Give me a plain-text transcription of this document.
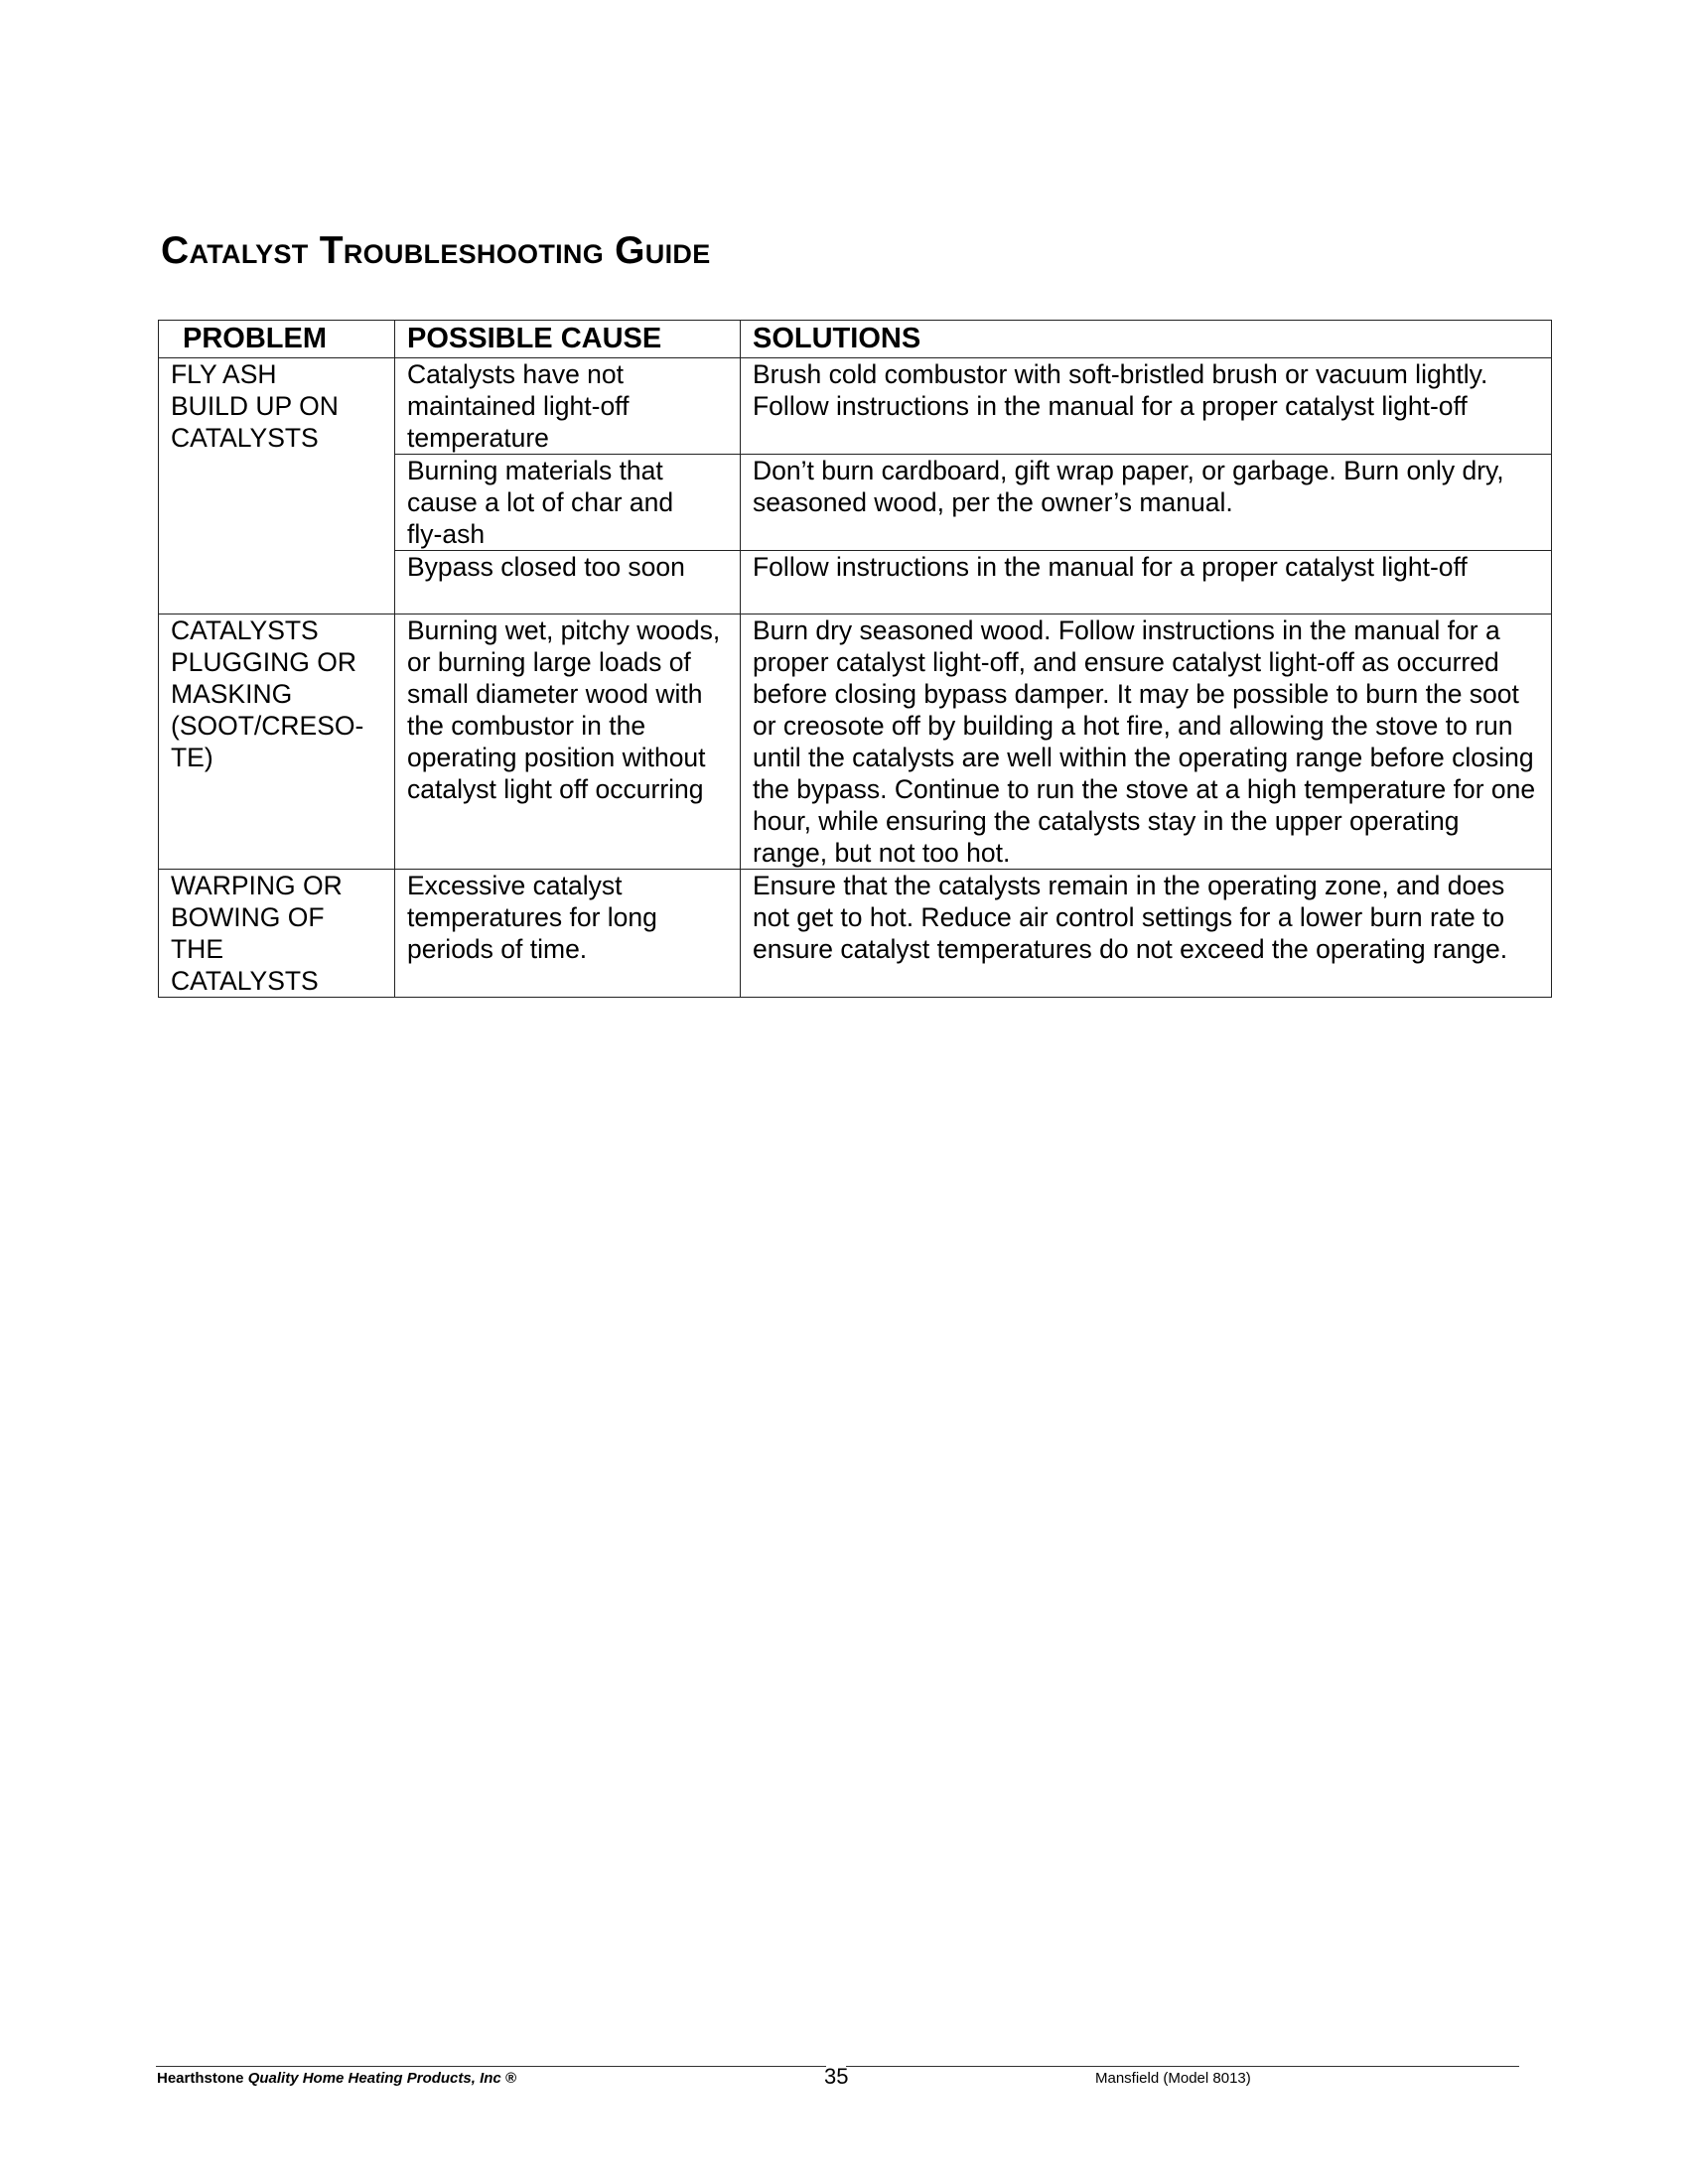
Catalyst Troubleshooting Guide
PROBLEM	POSSIBLE CAUSE	SOLUTIONS

FLY ASH BUILD UP ON CATALYSTS	Catalysts have not maintained light-off temperature	Brush cold combustor with soft-bristled brush or vacuum lightly. Follow instructions in the manual for a proper catalyst light-off

	Burning materials that cause a lot of char and fly-ash	Don’t burn cardboard, gift wrap paper, or garbage. Burn only dry, seasoned wood, per the owner’s manual.

	Bypass closed too soon	Follow instructions in the manual for a proper catalyst light-off

CATALYSTS PLUGGING OR MASKING (SOOT/CRESO-TE)	Burning wet, pitchy woods, or burning large loads of small diameter wood with the combustor in the operating position without catalyst light off occurring	Burn dry seasoned wood. Follow instructions in the manual for a proper catalyst light-off, and ensure catalyst light-off as occurred before closing bypass damper. It may be possible to burn the soot or creosote off by building a hot fire, and allowing the stove to run until the catalysts are well within the operating range before closing the bypass. Continue to run the stove at a high temperature for one hour, while ensuring the catalysts stay in the upper operating range, but not too hot.

WARPING OR BOWING OF THE CATALYSTS	Excessive catalyst temperatures for long periods of time.	Ensure that the catalysts remain in the operating zone, and does not get to hot. Reduce air control settings for a lower burn rate to ensure catalyst temperatures do not exceed the operating range.
Hearthstone Quality Home Heating Products, Inc ®	35	Mansfield (Model 8013)
